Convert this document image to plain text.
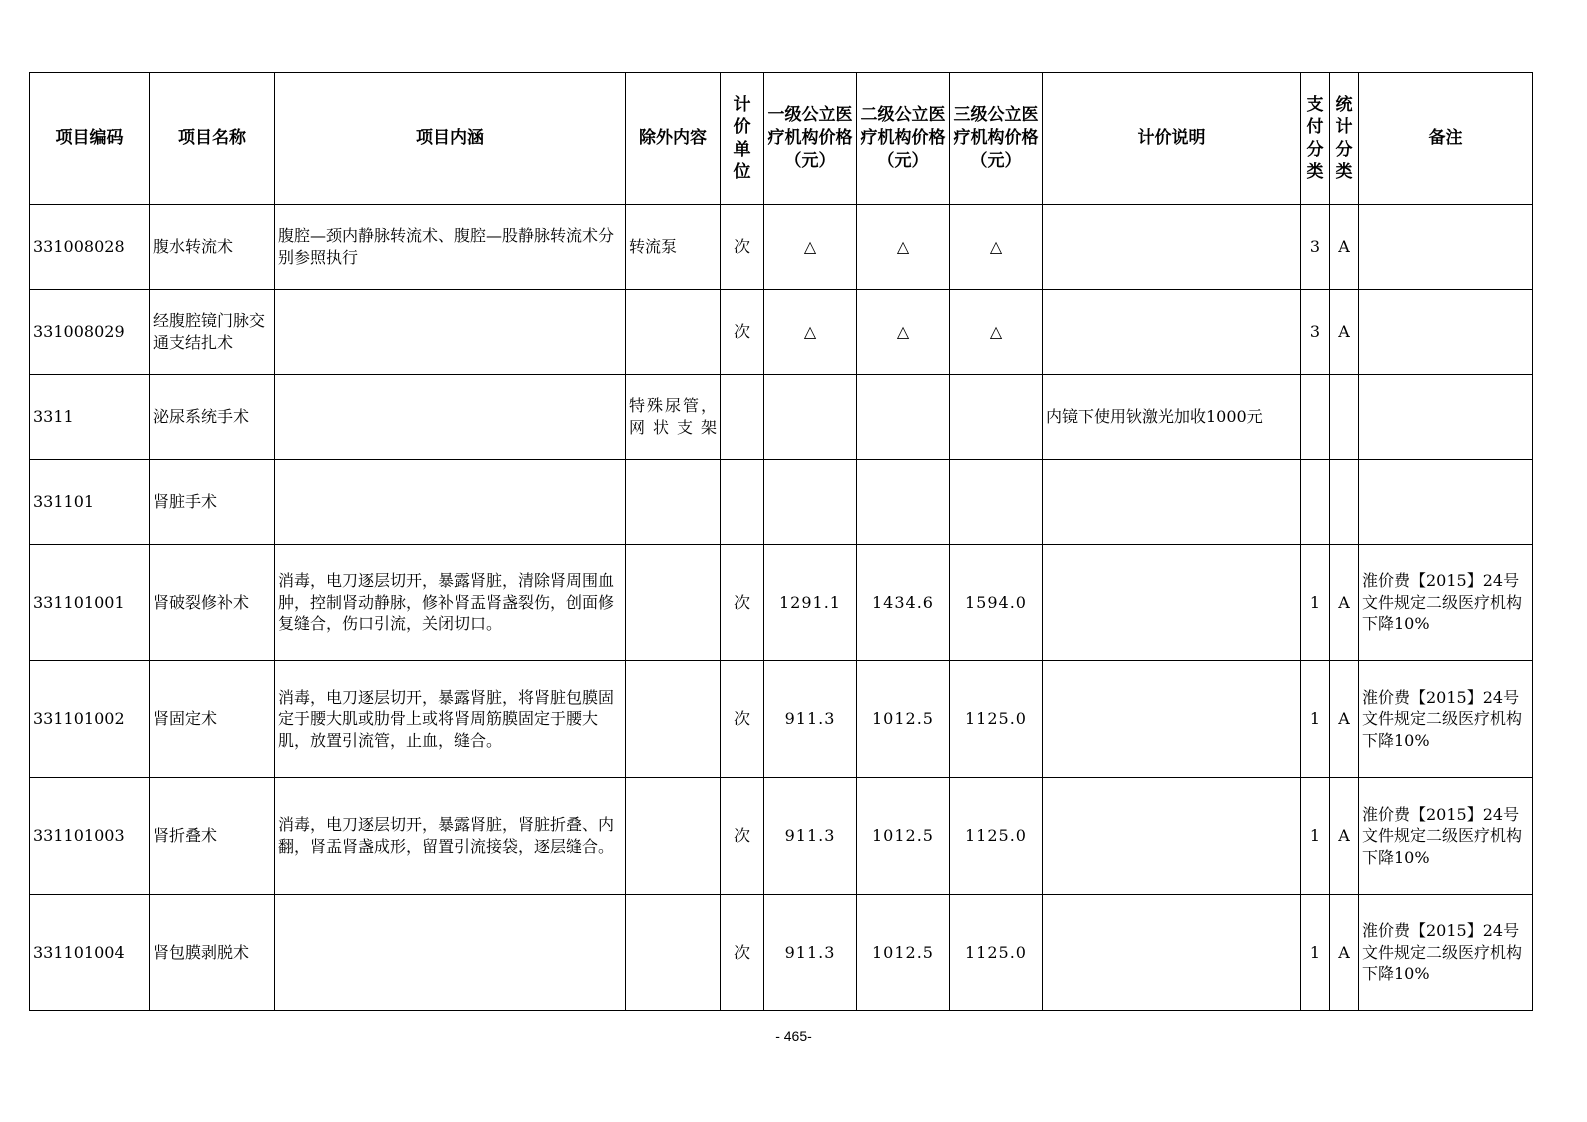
项目编码	项目名称	项目内涵	除外内容	计价单位	一级公立医疗机构价格（元）	二级公立医疗机构价格（元）	三级公立医疗机构价格（元）	计价说明	支付分类	统计分类	备注
331008028	腹水转流术	腹腔—颈内静脉转流术、腹腔—股静脉转流术分别参照执行	转流泵	次	△	△	△		3	A	
331008029	经腹腔镜门脉交通支结扎术			次	△	△	△		3	A	
3311	泌尿系统手术		特殊尿管，网状支架					内镜下使用钬激光加收1000元			
331101	肾脏手术										
331101001	肾破裂修补术	消毒，电刀逐层切开，暴露肾脏，清除肾周围血肿，控制肾动静脉，修补肾盂肾盏裂伤，创面修复缝合，伤口引流，关闭切口。		次	1291.1	1434.6	1594.0		1	A	淮价费【2015】24号文件规定二级医疗机构下降10%
331101002	肾固定术	消毒，电刀逐层切开，暴露肾脏，将肾脏包膜固定于腰大肌或肋骨上或将肾周筋膜固定于腰大肌，放置引流管，止血，缝合。		次	911.3	1012.5	1125.0		1	A	淮价费【2015】24号文件规定二级医疗机构下降10%
331101003	肾折叠术	消毒，电刀逐层切开，暴露肾脏，肾脏折叠、内翻，肾盂肾盏成形，留置引流接袋，逐层缝合。		次	911.3	1012.5	1125.0		1	A	淮价费【2015】24号文件规定二级医疗机构下降10%
331101004	肾包膜剥脱术			次	911.3	1012.5	1125.0		1	A	淮价费【2015】24号文件规定二级医疗机构下降10%
- 465-
